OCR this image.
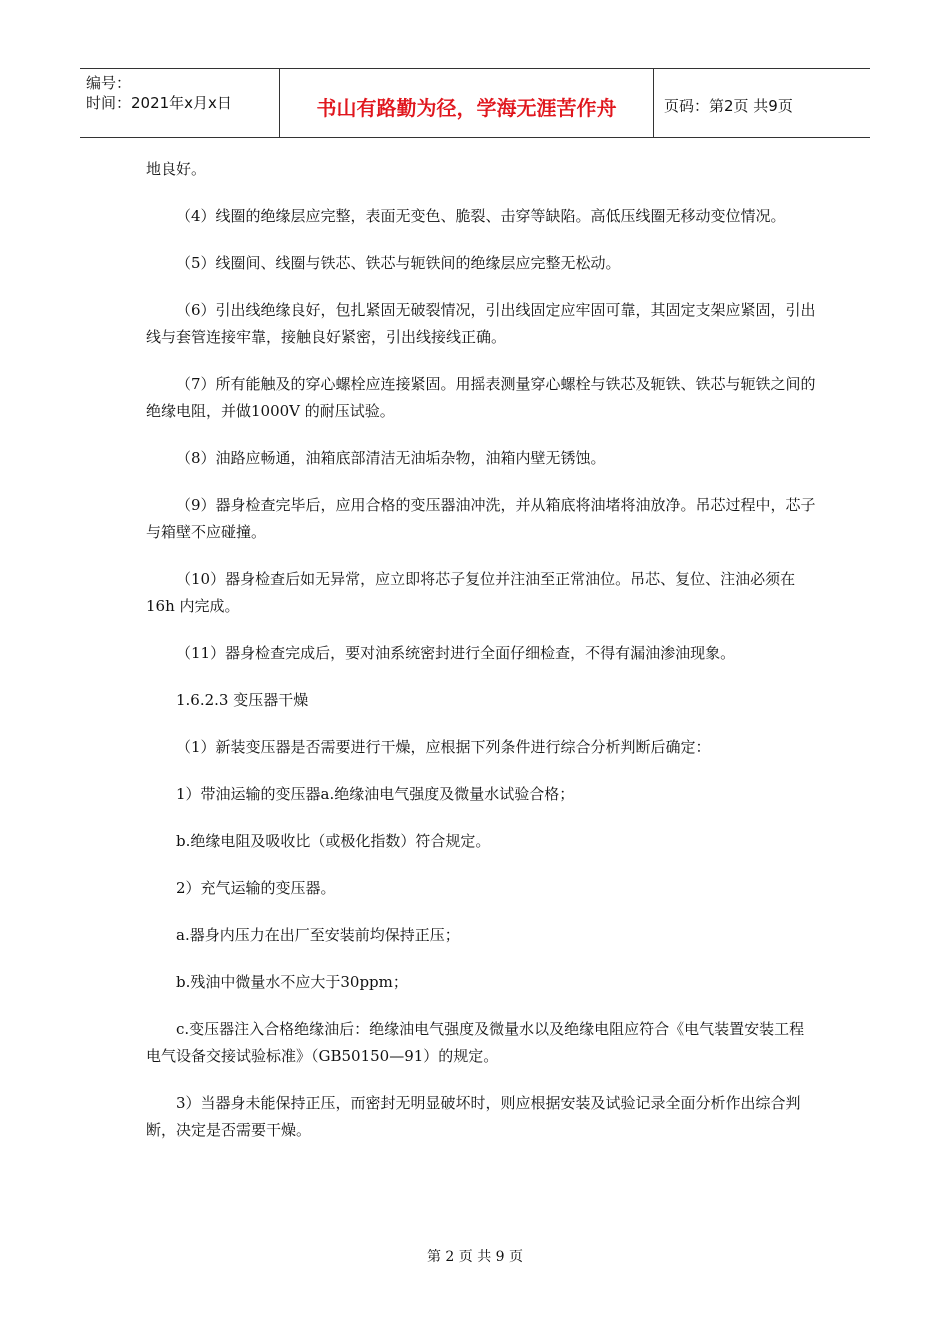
编号：
时间：2021年x月x日	书山有路勤为径，学海无涯苦作舟	页码：第2页 共9页

地良好。

（4）线圈的绝缘层应完整，表面无变色、脆裂、击穿等缺陷。高低压线圈无移动变位情况。

（5）线圈间、线圈与铁芯、铁芯与轭铁间的绝缘层应完整无松动。

（6）引出线绝缘良好，包扎紧固无破裂情况，引出线固定应牢固可靠，其固定支架应紧固，引出线与套管连接牢靠，接触良好紧密，引出线接线正确。

（7）所有能触及的穿心螺栓应连接紧固。用摇表测量穿心螺栓与铁芯及轭铁、铁芯与轭铁之间的绝缘电阻，并做1000V 的耐压试验。

（8）油路应畅通，油箱底部清洁无油垢杂物，油箱内壁无锈蚀。

（9）器身检查完毕后，应用合格的变压器油冲洗，并从箱底将油堵将油放净。吊芯过程中，芯子与箱壁不应碰撞。

（10）器身检查后如无异常，应立即将芯子复位并注油至正常油位。吊芯、复位、注油必须在16h 内完成。

（11）器身检查完成后，要对油系统密封进行全面仔细检查，不得有漏油渗油现象。

1.6.2.3 变压器干燥

（1）新装变压器是否需要进行干燥，应根据下列条件进行综合分析判断后确定：

1）带油运输的变压器a.绝缘油电气强度及微量水试验合格；

b.绝缘电阻及吸收比（或极化指数）符合规定。

2）充气运输的变压器。

a.器身内压力在出厂至安装前均保持正压；

b.残油中微量水不应大于30ppm；

c.变压器注入合格绝缘油后：绝缘油电气强度及微量水以及绝缘电阻应符合《电气装置安装工程电气设备交接试验标准》（GB50150—91）的规定。

3）当器身未能保持正压，而密封无明显破坏时，则应根据安装及试验记录全面分析作出综合判断，决定是否需要干燥。

第 2 页 共 9 页
